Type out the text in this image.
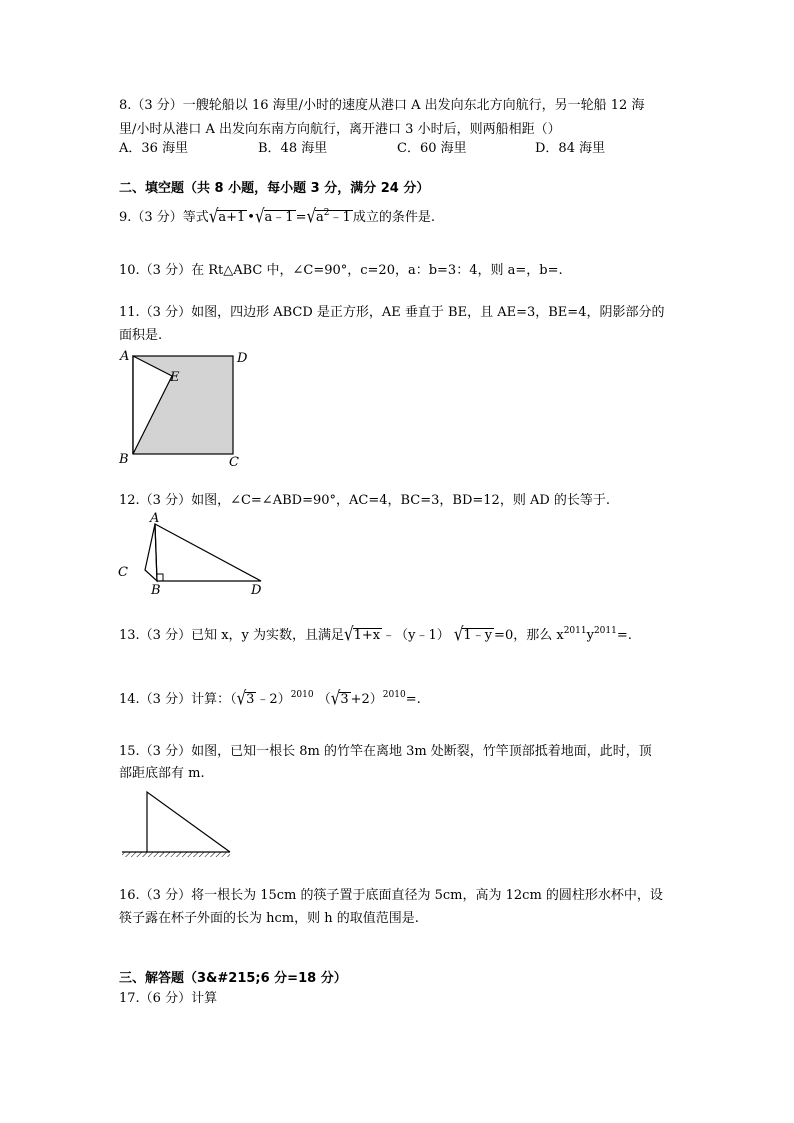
8.（3 分）一艘轮船以 16 海里/小时的速度从港口 A 出发向东北方向航行，另一轮船 12 海
里/小时从港口 A 出发向东南方向航行，离开港口 3 小时后，则两船相距（）
A．36 海里	B．48 海里	C．60 海里	D．84 海里
二、填空题（共 8 小题，每小题 3 分，满分 24 分）
9.（3 分）等式√a+1 •√a﹣1 $=√a^2﹣1$ 成立的条件是.
10.（3 分）在 Rt△ABC 中，∠C=90°，c=20，a：b=3：4，则 a=，b=.
11.（3 分）如图，四边形 ABCD 是正方形，AE 垂直于 BE，且 AE=3，BE=4，阴影部分的
面积是.
A	D
E
B	C
12.（3 分）如图，∠C=∠ABD=90°，AC=4，BC=3，BD=12，则 AD 的长等于.
A
C
B	D
13.（3 分）已知 x，y 为实数，且满足√1+x ﹣（y﹣1） √1﹣y =0，那么 $x^{2011}y^{2011}=$.
14.（3 分）计算：（√3 ﹣2）$^{2010}$ $(√3 +2)^{2010}=$.
15.（3 分）如图，已知一根长 8m 的竹竿在离地 3m 处断裂，竹竿顶部抵着地面，此时，顶
部距底部有 m.
16.（3 分）将一根长为 15cm 的筷子置于底面直径为 5cm，高为 12cm 的圆柱形水杯中，设
筷子露在杯子外面的长为 hcm，则 h 的取值范围是.
三、解答题（3&#215;6 分=18 分）
17.（6 分）计算
